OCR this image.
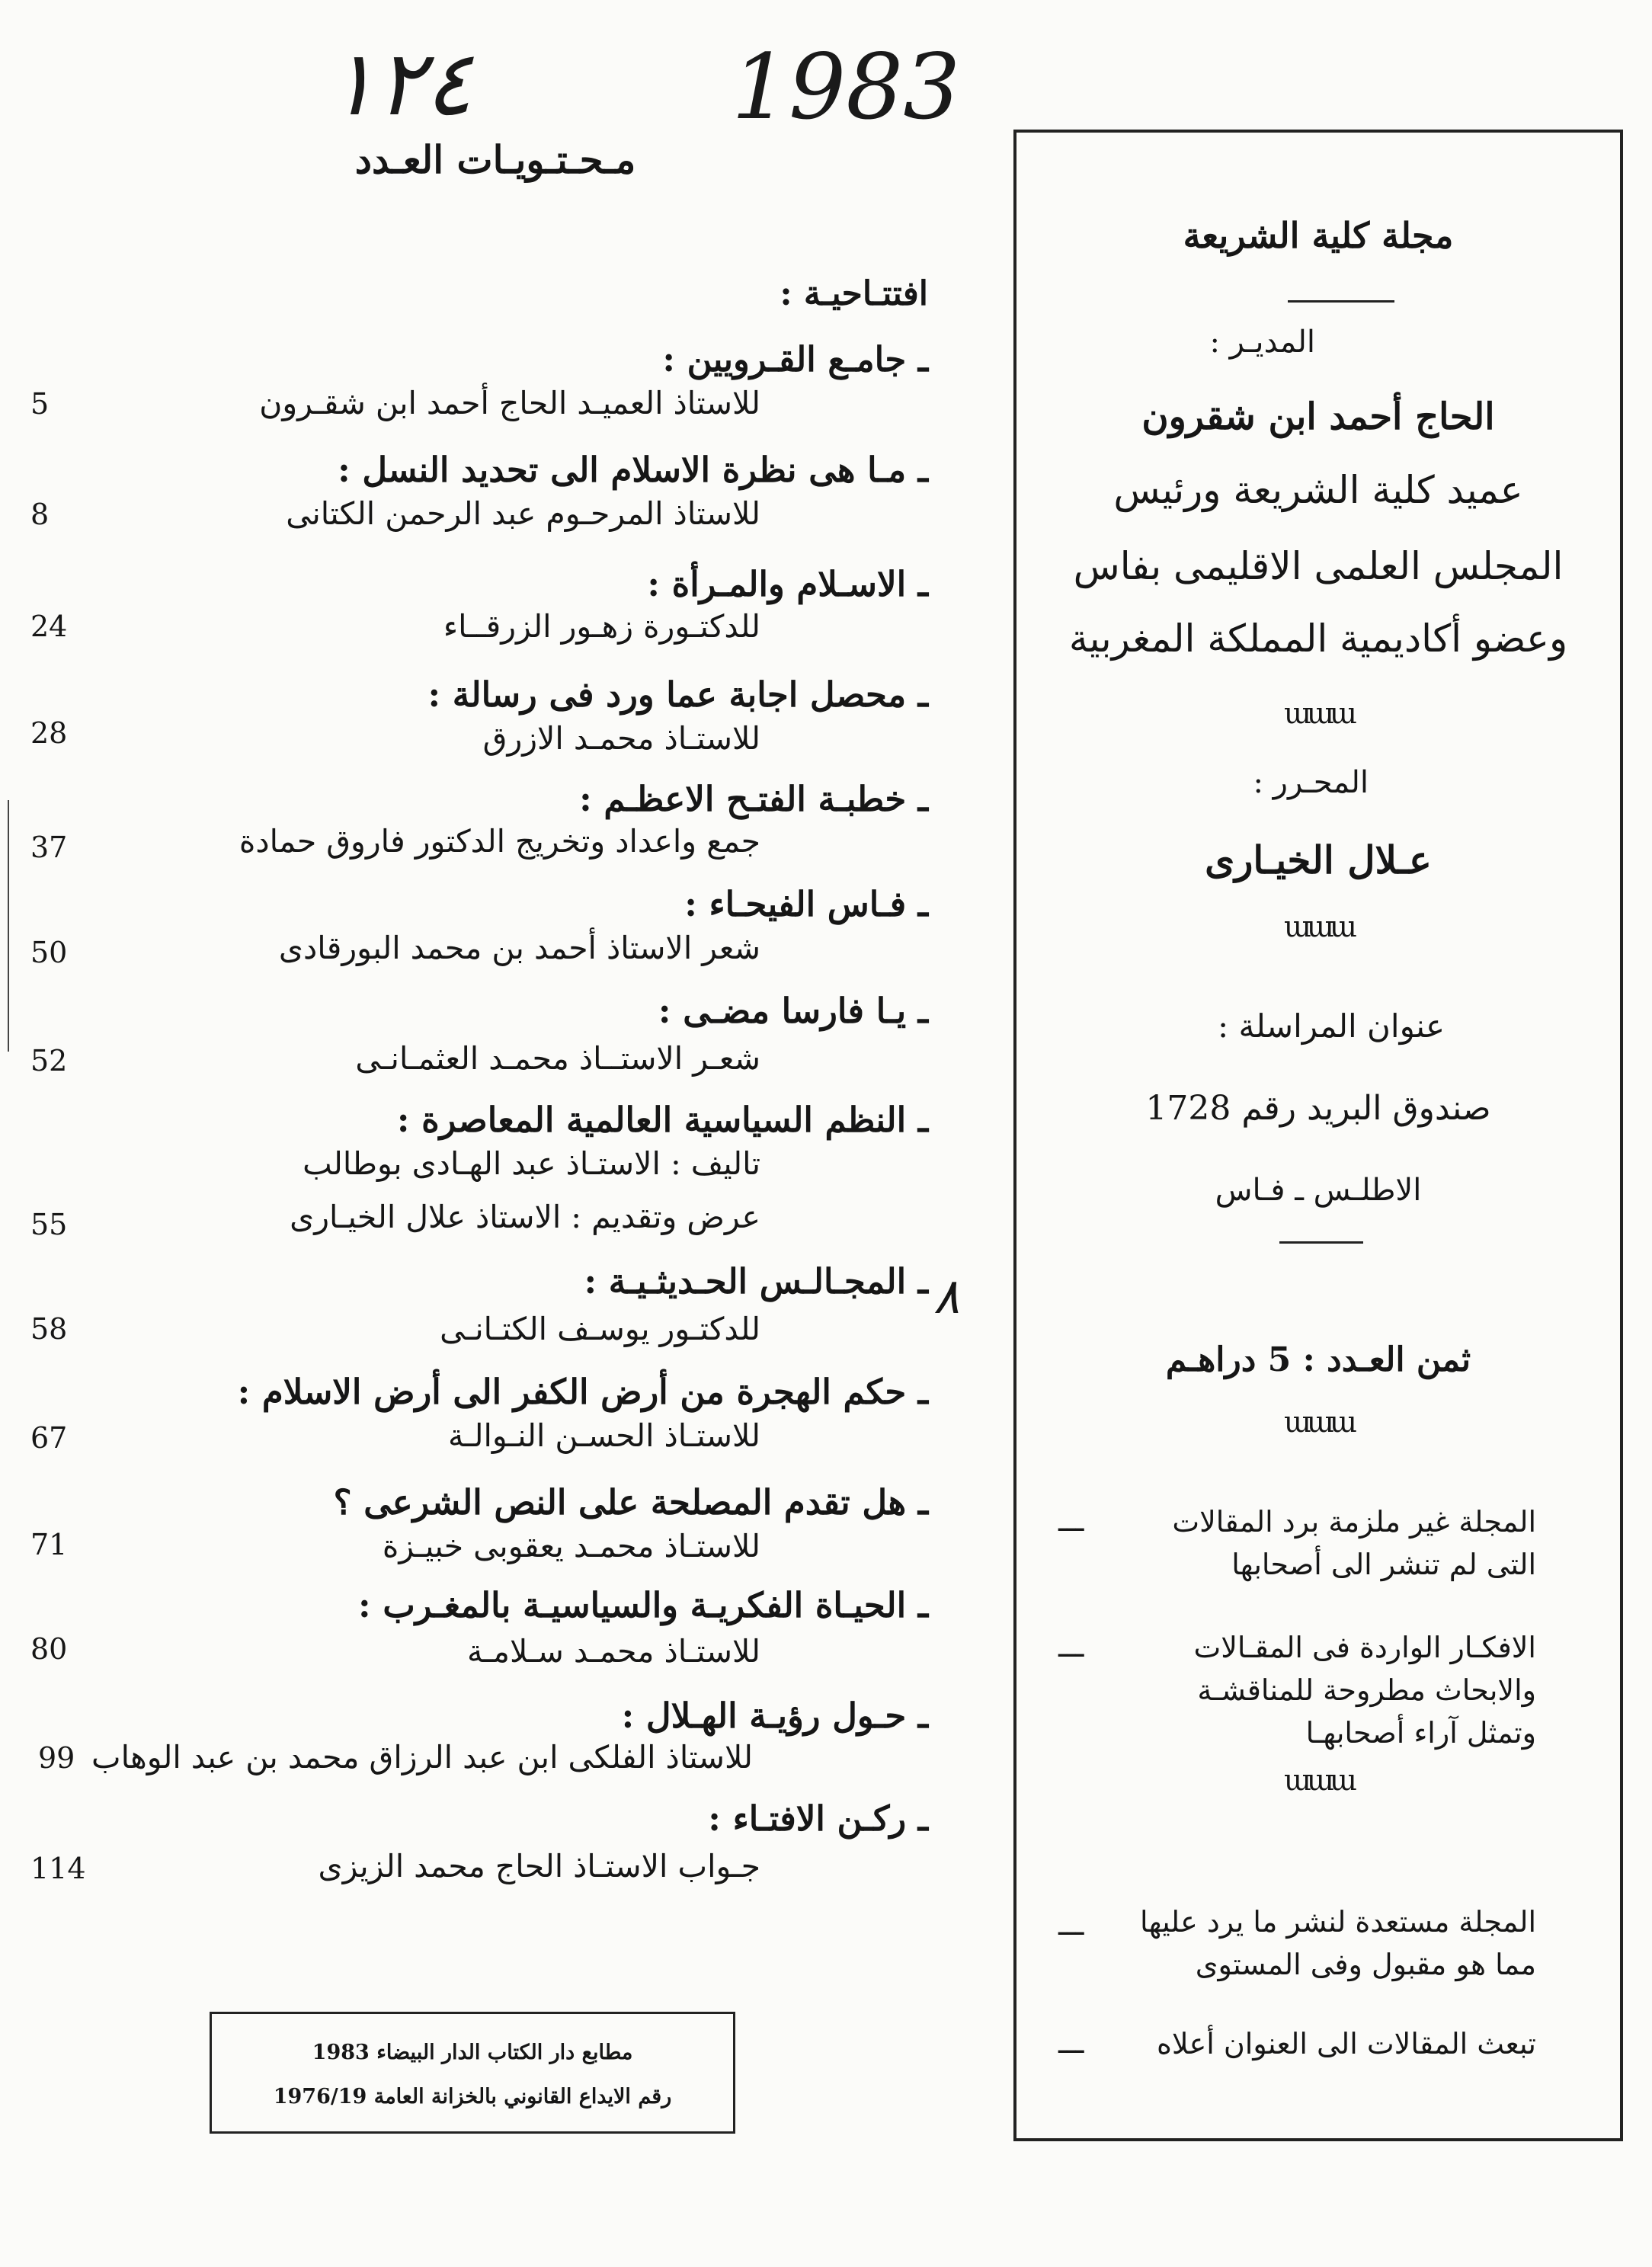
۱۲٤	1983
مـحـتـويـات العـدد
افتتـاحيـة :
ـ جامـع القـرويين :
للاستاذ العميـد الحاج أحمد ابن شقـرون
5
ـ مـا هى نظرة الاسلام الى تحديد النسل :
للاستاذ المرحـوم عبد الرحمن الكتانى
8
ـ الاسـلام والمـرأة :
للدكتـورة زهـور الزرقــاء
24
ـ محصل اجابة عما ورد فى رسالة :
للاستـاذ محمـد الازرق
28
ـ خطبـة الفتـح الاعظـم :
جمع واعداد وتخريج الدكتور فاروق حمادة
37
ـ فـاس الفيحـاء :
شعر الاستاذ أحمد بن محمد البورقادى
50
ـ يـا فارسا مضـى :
شعـر الاستــاذ محمـد العثمـانـى
52
ـ النظم السياسية العالمية المعاصرة :
تاليف : الاستـاذ عبد الهـادى بوطالب
عرض وتقديم : الاستاذ علال الخيـارى
55
٨
ـ المجـالـس الحـديثـيـة :
للدكتـور يوسـف الكتـانـى
58
ـ حكم الهجرة من أرض الكفر الى أرض الاسلام :
للاستـاذ الحسـن النـوالـة
67
ـ هل تقدم المصلحة على النص الشرعى ؟
للاستـاذ محمـد يعقوبى خبيـزة
71
ـ الحيـاة الفكريـة والسياسيـة بالمغـرب :
للاستـاذ محمـد سـلامـة
80
ـ حـول رؤيـة الهـلال :
للاستاذ الفلكى ابن عبد الرزاق محمد بن عبد الوهاب
99
ـ ركـن الافتـاء :
جـواب الاستـاذ الحاج محمد الزيزى
114
مطابع دار الكتاب الدار البيضاء 1983
رقم الايداع القانوني بالخزانة العامة 1976/19
مجلة كلية الشريعة
المديـر :
الحاج أحمد ابن شقرون
عميد كلية الشريعة ورئيس
المجلس العلمى الاقليمى بفاس
وعضو أكاديمية المملكة المغربية
ɯɯɯ
المحـرر :
عـلال الخيـارى
ɯɯɯ
عنوان المراسلة :
صندوق البريد رقم 1728
الاطلـس ـ فـاس
ثمن العـدد : 5 دراهـم
ɯɯɯ
المجلة غير ملزمة برد المقالات
التى لم تنشر الى أصحابها
ـــ
الافكـار الواردة فى المقـالات
والابحاث مطروحة للمناقشـة
وتمثل آراء أصحابهـا
ـــ
ɯɯɯ
المجلة مستعدة لنشر ما يرد عليها
مما هو مقبول وفى المستوى
ـــ
تبعث المقالات الى العنوان أعلاه
ـــ
